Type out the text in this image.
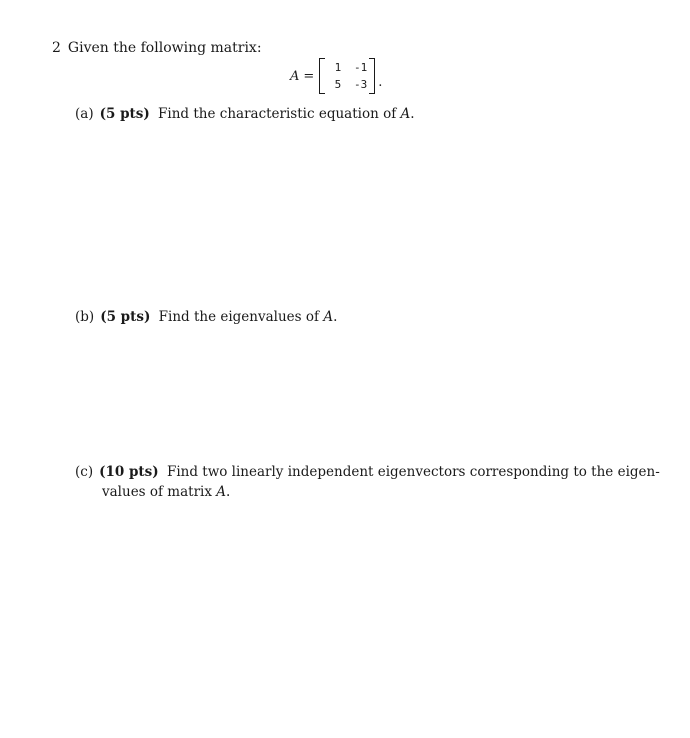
2 Given the following matrix:
A =
1	-1
5	-3 .
(a) (5 pts) Find the characteristic equation of A.
(b) (5 pts) Find the eigenvalues of A.
(c) (10 pts) Find two linearly independent eigenvectors corresponding to the eigen-
values of matrix A.
